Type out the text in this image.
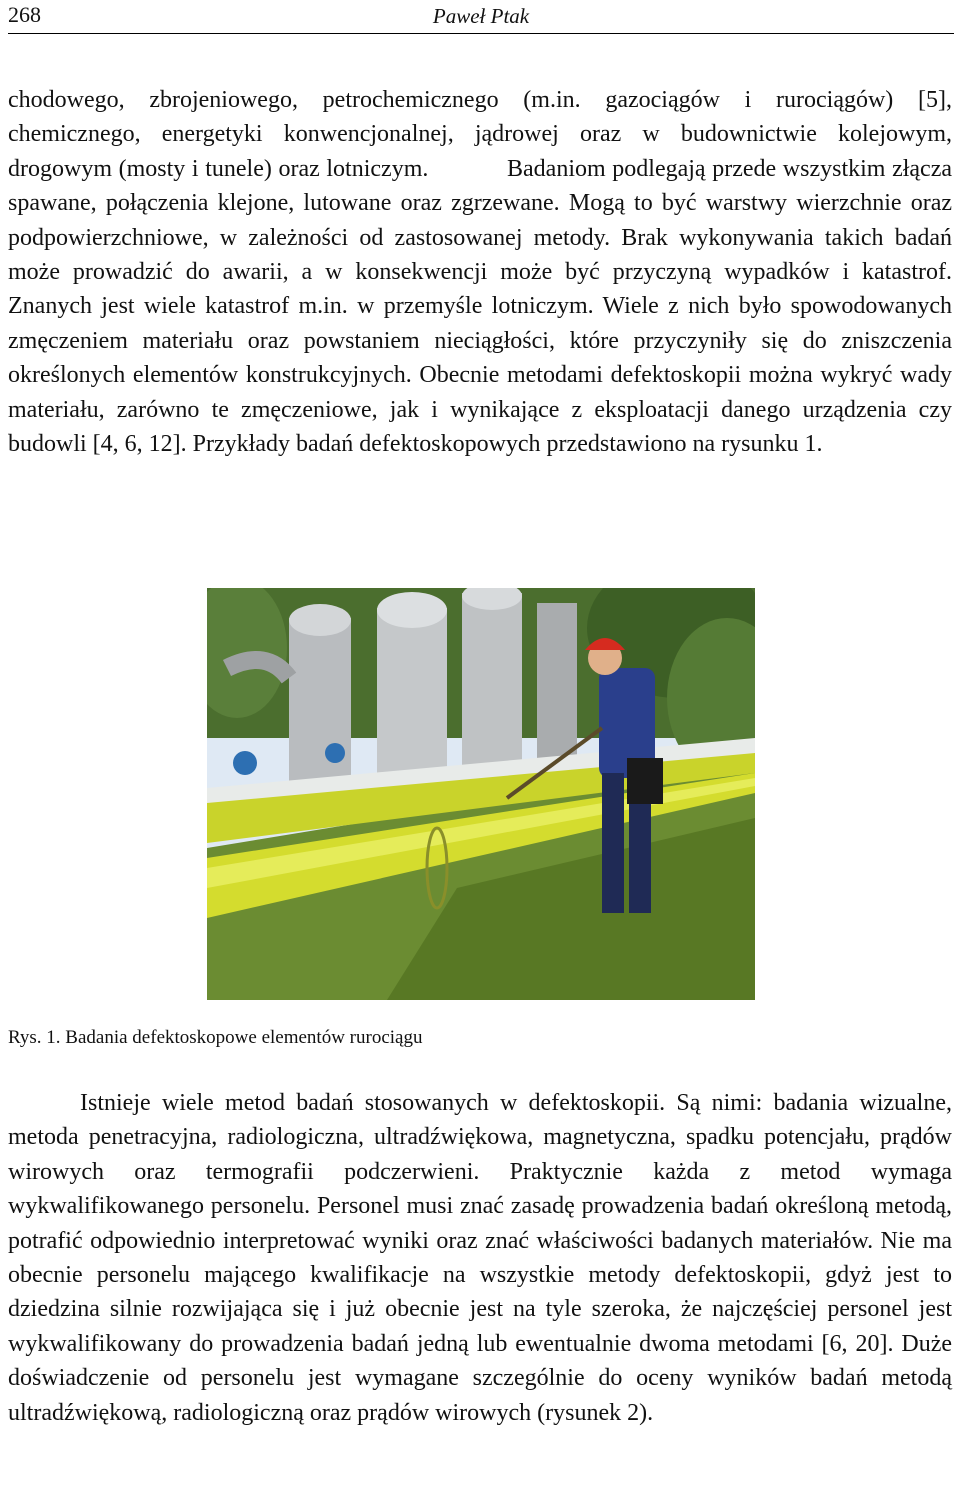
268	Paweł Ptak
chodowego, zbrojeniowego, petrochemicznego (m.in. gazociągów i rurociągów) [5], chemicznego, energetyki konwencjonalnej, jądrowej oraz w budownictwie kolejowym, drogowym (mosty i tunele) oraz lotniczym.	Badaniom podlegają przede wszystkim złącza spawane, połączenia klejone, lutowane oraz zgrzewane. Mogą to być warstwy wierzchnie oraz podpowierzchniowe, w zależności od zastosowanej metody. Brak wykonywania takich badań może prowadzić do awarii, a w konsekwencji może być przyczyną wypadków i katastrof. Znanych jest wiele katastrof m.in. w przemyśle lotniczym. Wiele z nich było spowodowanych zmęczeniem materiału oraz powstaniem nieciągłości, które przyczyniły się do zniszczenia określonych elementów konstrukcyjnych. Obecnie metodami defektoskopii można wykryć wady materiału, zarówno te zmęczeniowe, jak i wynikające z eksploatacji danego urządzenia czy budowli [4, 6, 12]. Przykłady badań defektoskopowych przedstawiono na rysunku 1.
Rys. 1. Badania defektoskopowe elementów rurociągu
Istnieje wiele metod badań stosowanych w defektoskopii. Są nimi: badania wizualne, metoda penetracyjna, radiologiczna, ultradźwiękowa, magnetyczna, spadku potencjału, prądów wirowych oraz termografii podczerwieni. Praktycznie każda z metod wymaga wykwalifikowanego personelu. Personel musi znać zasadę prowadzenia badań określoną metodą, potrafić odpowiednio interpretować wyniki oraz znać właściwości badanych materiałów. Nie ma obecnie personelu mającego kwalifikacje na wszystkie metody defektoskopii, gdyż jest to dziedzina silnie rozwijająca się i już obecnie jest na tyle szeroka, że najczęściej personel jest wykwalifikowany do prowadzenia badań jedną lub ewentualnie dwoma metodami [6, 20]. Duże doświadczenie od personelu jest wymagane szczególnie do oceny wyników badań metodą ultradźwiękową, radiologiczną oraz prądów wirowych (rysunek 2).
